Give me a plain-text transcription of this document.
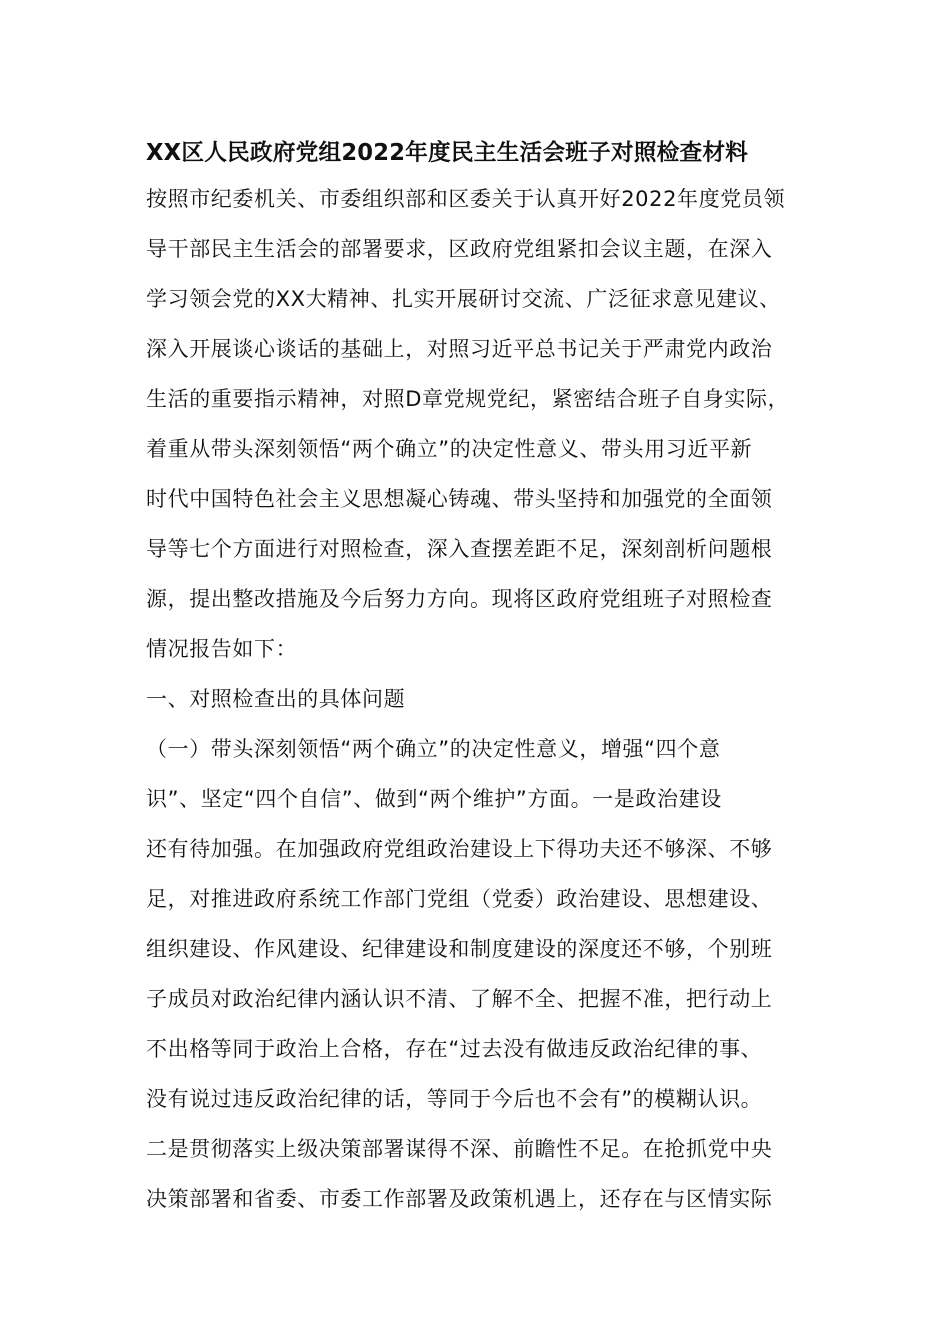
XX区人民政府党组2022年度民主生活会班子对照检查材料
按照市纪委机关、市委组织部和区委关于认真开好2022年度党员领
导干部民主生活会的部署要求，区政府党组紧扣会议主题，在深入
学习领会党的XX大精神、扎实开展研讨交流、广泛征求意见建议、
深入开展谈心谈话的基础上，对照习近平总书记关于严肃党内政治
生活的重要指示精神，对照D章党规党纪，紧密结合班子自身实际，
着重从带头深刻领悟“两个确立”的决定性意义、带头用习近平新
时代中国特色社会主义思想凝心铸魂、带头坚持和加强党的全面领
导等七个方面进行对照检查，深入查摆差距不足，深刻剖析问题根
源，提出整改措施及今后努力方向。现将区政府党组班子对照检查
情况报告如下：
一、对照检查出的具体问题
（一）带头深刻领悟“两个确立”的决定性意义，增强“四个意
识”、坚定“四个自信”、做到“两个维护”方面。一是政治建设
还有待加强。在加强政府党组政治建设上下得功夫还不够深、不够
足，对推进政府系统工作部门党组（党委）政治建设、思想建设、
组织建设、作风建设、纪律建设和制度建设的深度还不够，个别班
子成员对政治纪律内涵认识不清、了解不全、把握不准，把行动上
不出格等同于政治上合格，存在“过去没有做违反政治纪律的事、
没有说过违反政治纪律的话，等同于今后也不会有”的模糊认识。
二是贯彻落实上级决策部署谋得不深、前瞻性不足。在抢抓党中央
决策部署和省委、市委工作部署及政策机遇上，还存在与区情实际
